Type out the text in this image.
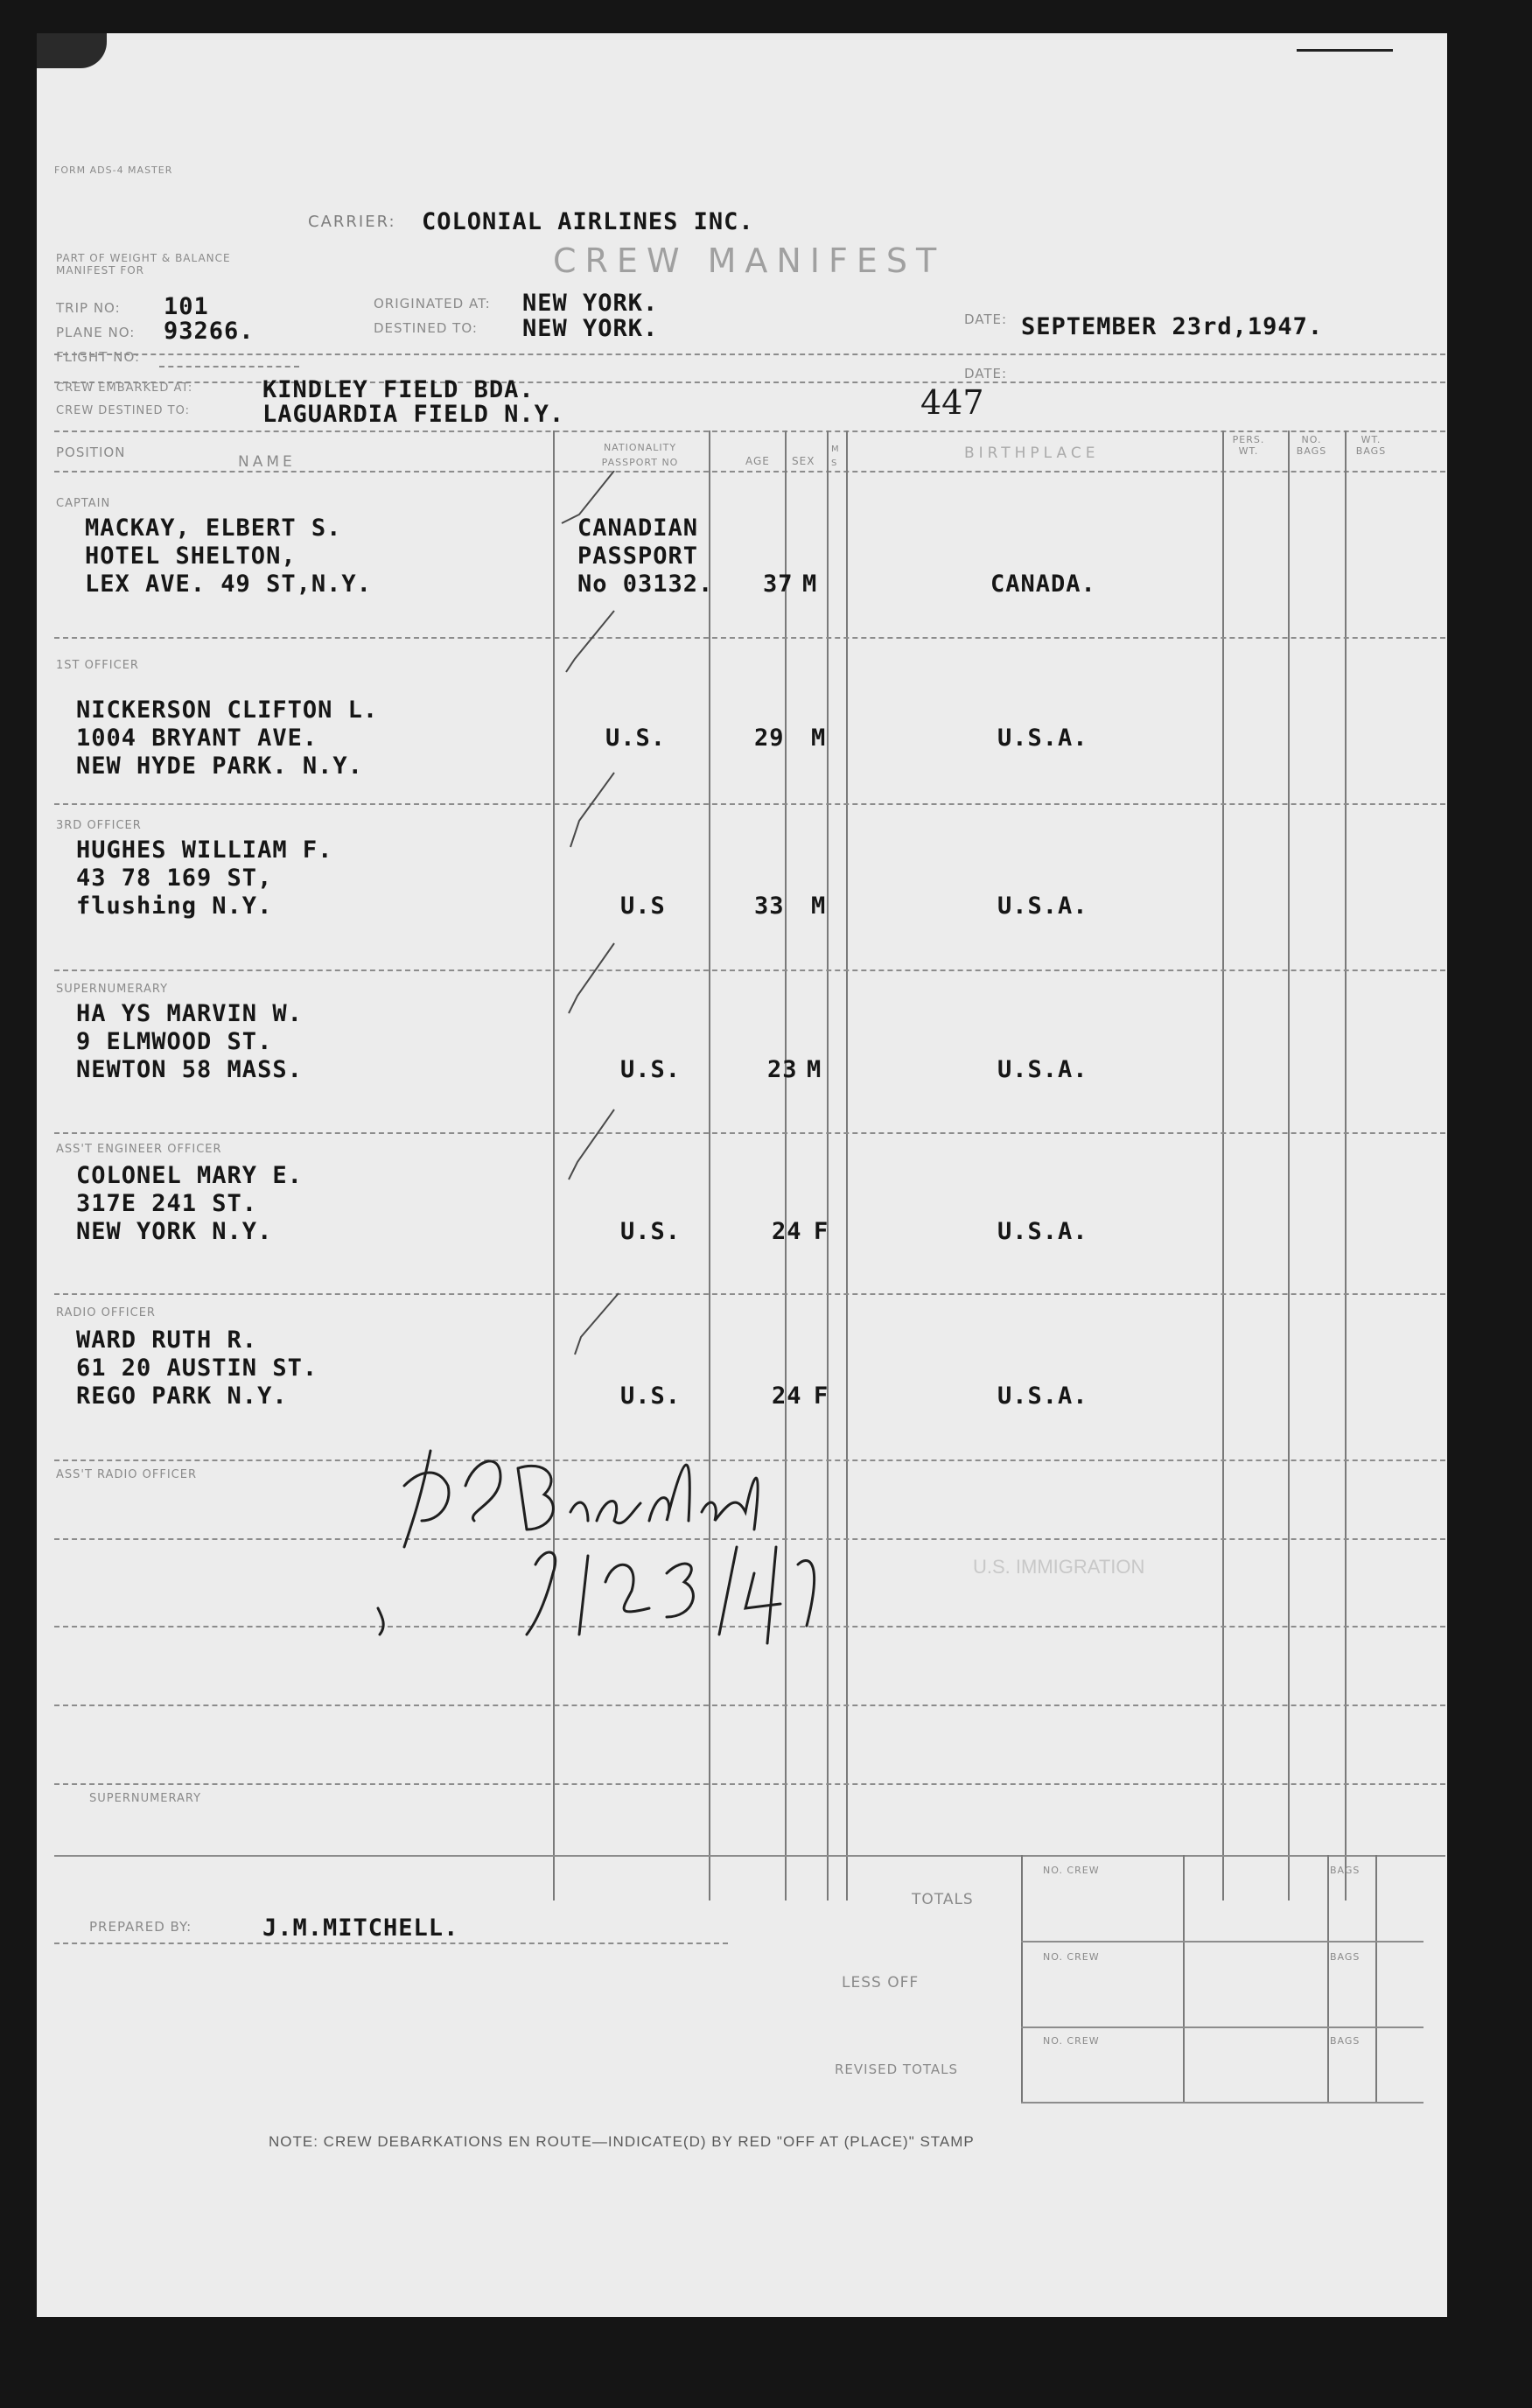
FORM ADS-4 MASTER
CARRIER: COLONIAL AIRLINES INC.
CREW MANIFEST
PART OF WEIGHT & BALANCE MANIFEST FOR
TRIP NO: 101
PLANE NO: 93266.
FLIGHT NO:
ORIGINATED AT: NEW YORK.
DESTINED TO: NEW YORK.	DATE: SEPTEMBER 23rd,1947.
CREW EMBARKED AT:	KINDLEY FIELD BDA.
CREW DESTINED TO:	LAGUARDIA FIELD N.Y.
DATE:
447
POSITION
NAME
NATIONALITY PASSPORT NO	AGE SEX
M S
BIRTHPLACE
PERS. WT.
NO. BAGS
WT. BAGS
CAPTAIN
MACKAY, ELBERT S.
HOTEL SHELTON,
LEX AVE. 49 ST,N.Y.
CANADIAN
PASSPORT
No 03132. 37 M	CANADA.
1ST OFFICER
NICKERSON CLIFTON L.
1004 BRYANT AVE.
NEW HYDE PARK. N.Y.
U.S.	29 M	U.S.A.
3RD OFFICER
HUGHES WILLIAM F.
43 78 169 ST,
flushing N.Y.	U.S	33 M	U.S.A.
SUPERNUMERARY
HA YS MARVIN W.
9 ELMWOOD ST.
NEWTON 58 MASS.	U.S.	23 M	U.S.A.
ASS'T ENGINEER OFFICER
COLONEL MARY E.
317E 241 ST.
NEW YORK N.Y.	U.S.	24 F	U.S.A.
RADIO OFFICER
WARD RUTH R.
61 20 AUSTIN ST.
REGO PARK N.Y.	U.S.	24 F	U.S.A.
ASS'T RADIO OFFICER
SUPERNUMERARY
U.S. IMMIGRATION
PREPARED BY:	J.M.MITCHELL.
TOTALS
LESS OFF
REVISED TOTALS
NO. CREW
NO. CREW
NO. CREW
BAGS
BAGS
BAGS
NOTE: CREW DEBARKATIONS EN ROUTE—INDICATE(D) BY RED "OFF AT (PLACE)" STAMP
